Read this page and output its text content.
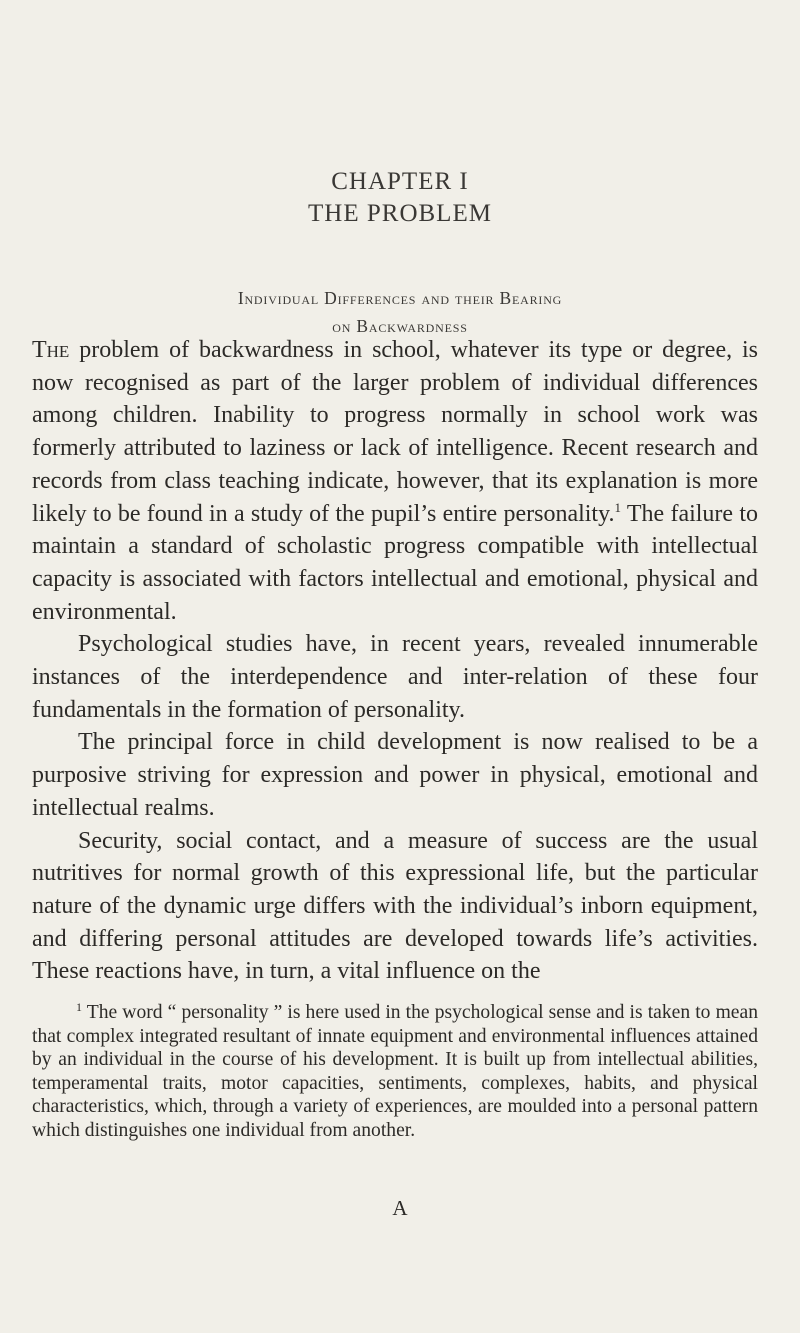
CHAPTER I
THE PROBLEM
Individual Differences and their Bearing
on Backwardness

The problem of backwardness in school, whatever its type or degree, is now recognised as part of the larger problem of individual differences among children. Inability to progress normally in school work was formerly attributed to laziness or lack of intelligence. Recent research and records from class teaching indicate, however, that its explanation is more likely to be found in a study of the pupil’s entire personality.$^1$ The failure to maintain a standard of scholastic progress compatible with intellectual capacity is associated with factors intellectual and emotional, physical and environmental.

Psychological studies have, in recent years, revealed innumerable instances of the interdependence and inter-relation of these four fundamentals in the formation of personality.

The principal force in child development is now realised to be a purposive striving for expression and power in physical, emotional and intellectual realms.

Security, social contact, and a measure of success are the usual nutritives for normal growth of this expressional life, but the particular nature of the dynamic urge differs with the individual’s inborn equipment, and differing personal attitudes are developed towards life’s activities. These reactions have, in turn, a vital influence on the

$^1$ The word “ personality ” is here used in the psychological sense and is taken to mean that complex integrated resultant of innate equipment and environmental influences attained by an individual in the course of his development. It is built up from intellectual abilities, temperamental traits, motor capacities, sentiments, complexes, habits, and physical characteristics, which, through a variety of experiences, are moulded into a personal pattern which distinguishes one individual from another.

A
